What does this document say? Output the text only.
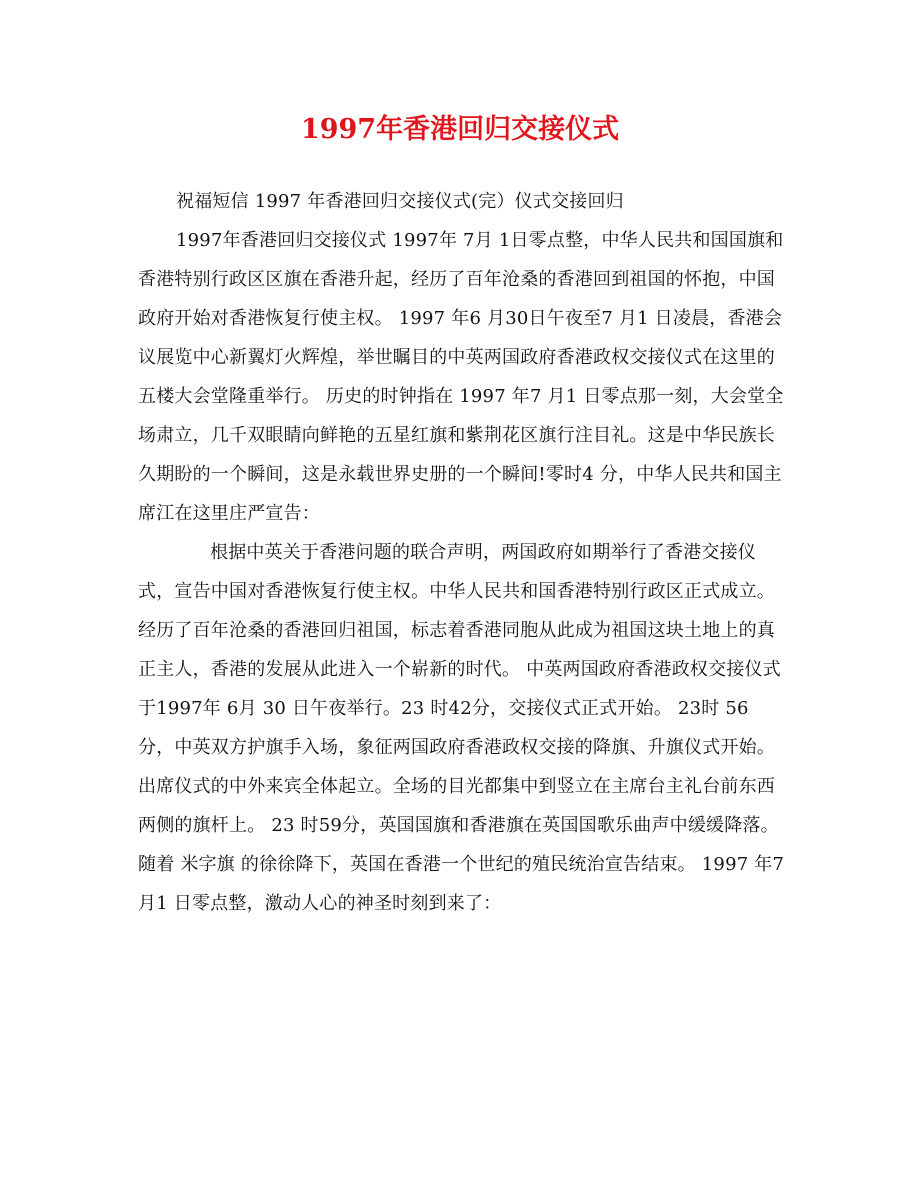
1997年香港回归交接仪式

祝福短信 1997 年香港回归交接仪式(完）仪式交接回归

1997年香港回归交接仪式 1997年 7月 1日零点整，中华人民共和国国旗和香港特别行政区区旗在香港升起，经历了百年沧桑的香港回到祖国的怀抱，中国政府开始对香港恢复行使主权。 1997 年6 月30日午夜至7 月1 日凌晨，香港会议展览中心新翼灯火辉煌，举世瞩目的中英两国政府香港政权交接仪式在这里的五楼大会堂隆重举行。 历史的时钟指在 1997 年7 月1 日零点那一刻，大会堂全场肃立，几千双眼睛向鲜艳的五星红旗和紫荆花区旗行注目礼。这是中华民族长久期盼的一个瞬间，这是永载世界史册的一个瞬间!零时4 分，中华人民共和国主席江在这里庄严宣告：

根据中英关于香港问题的联合声明，两国政府如期举行了香港交接仪式，宣告中国对香港恢复行使主权。中华人民共和国香港特别行政区正式成立。经历了百年沧桑的香港回归祖国，标志着香港同胞从此成为祖国这块土地上的真正主人，香港的发展从此进入一个崭新的时代。 中英两国政府香港政权交接仪式于1997年 6月 30 日午夜举行。23 时42分，交接仪式正式开始。 23时 56 分，中英双方护旗手入场，象征两国政府香港政权交接的降旗、升旗仪式开始。出席仪式的中外来宾全体起立。全场的目光都集中到竖立在主席台主礼台前东西两侧的旗杆上。 23 时59分，英国国旗和香港旗在英国国歌乐曲声中缓缓降落。随着 米字旗 的徐徐降下，英国在香港一个世纪的殖民统治宣告结束。 1997 年7 月1 日零点整，激动人心的神圣时刻到来了：
